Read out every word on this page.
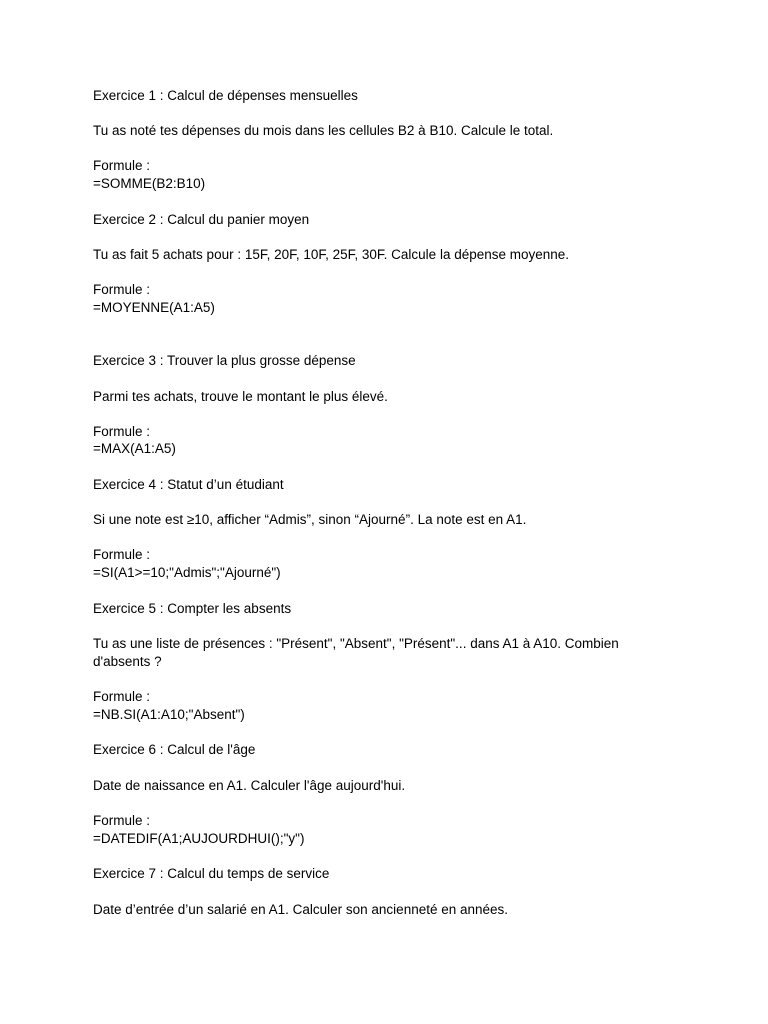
Exercice 1 : Calcul de dépenses mensuelles
Tu as noté tes dépenses du mois dans les cellules B2 à B10. Calcule le total.
Formule :
=SOMME(B2:B10)
Exercice 2 : Calcul du panier moyen
Tu as fait 5 achats pour : 15F, 20F, 10F, 25F, 30F. Calcule la dépense moyenne.
Formule :
=MOYENNE(A1:A5)
Exercice 3 : Trouver la plus grosse dépense
Parmi tes achats, trouve le montant le plus élevé.
Formule :
=MAX(A1:A5)
Exercice 4 : Statut d’un étudiant
Si une note est ≥10, afficher “Admis”, sinon “Ajourné”. La note est en A1.
Formule :
=SI(A1>=10;"Admis";"Ajourné")
Exercice 5 : Compter les absents
Tu as une liste de présences : "Présent", "Absent", "Présent"... dans A1 à A10. Combien
d'absents ?
Formule :
=NB.SI(A1:A10;"Absent")
Exercice 6 : Calcul de l'âge
Date de naissance en A1. Calculer l'âge aujourd'hui.
Formule :
=DATEDIF(A1;AUJOURDHUI();"y")
Exercice 7 : Calcul du temps de service
Date d’entrée d’un salarié en A1. Calculer son ancienneté en années.
